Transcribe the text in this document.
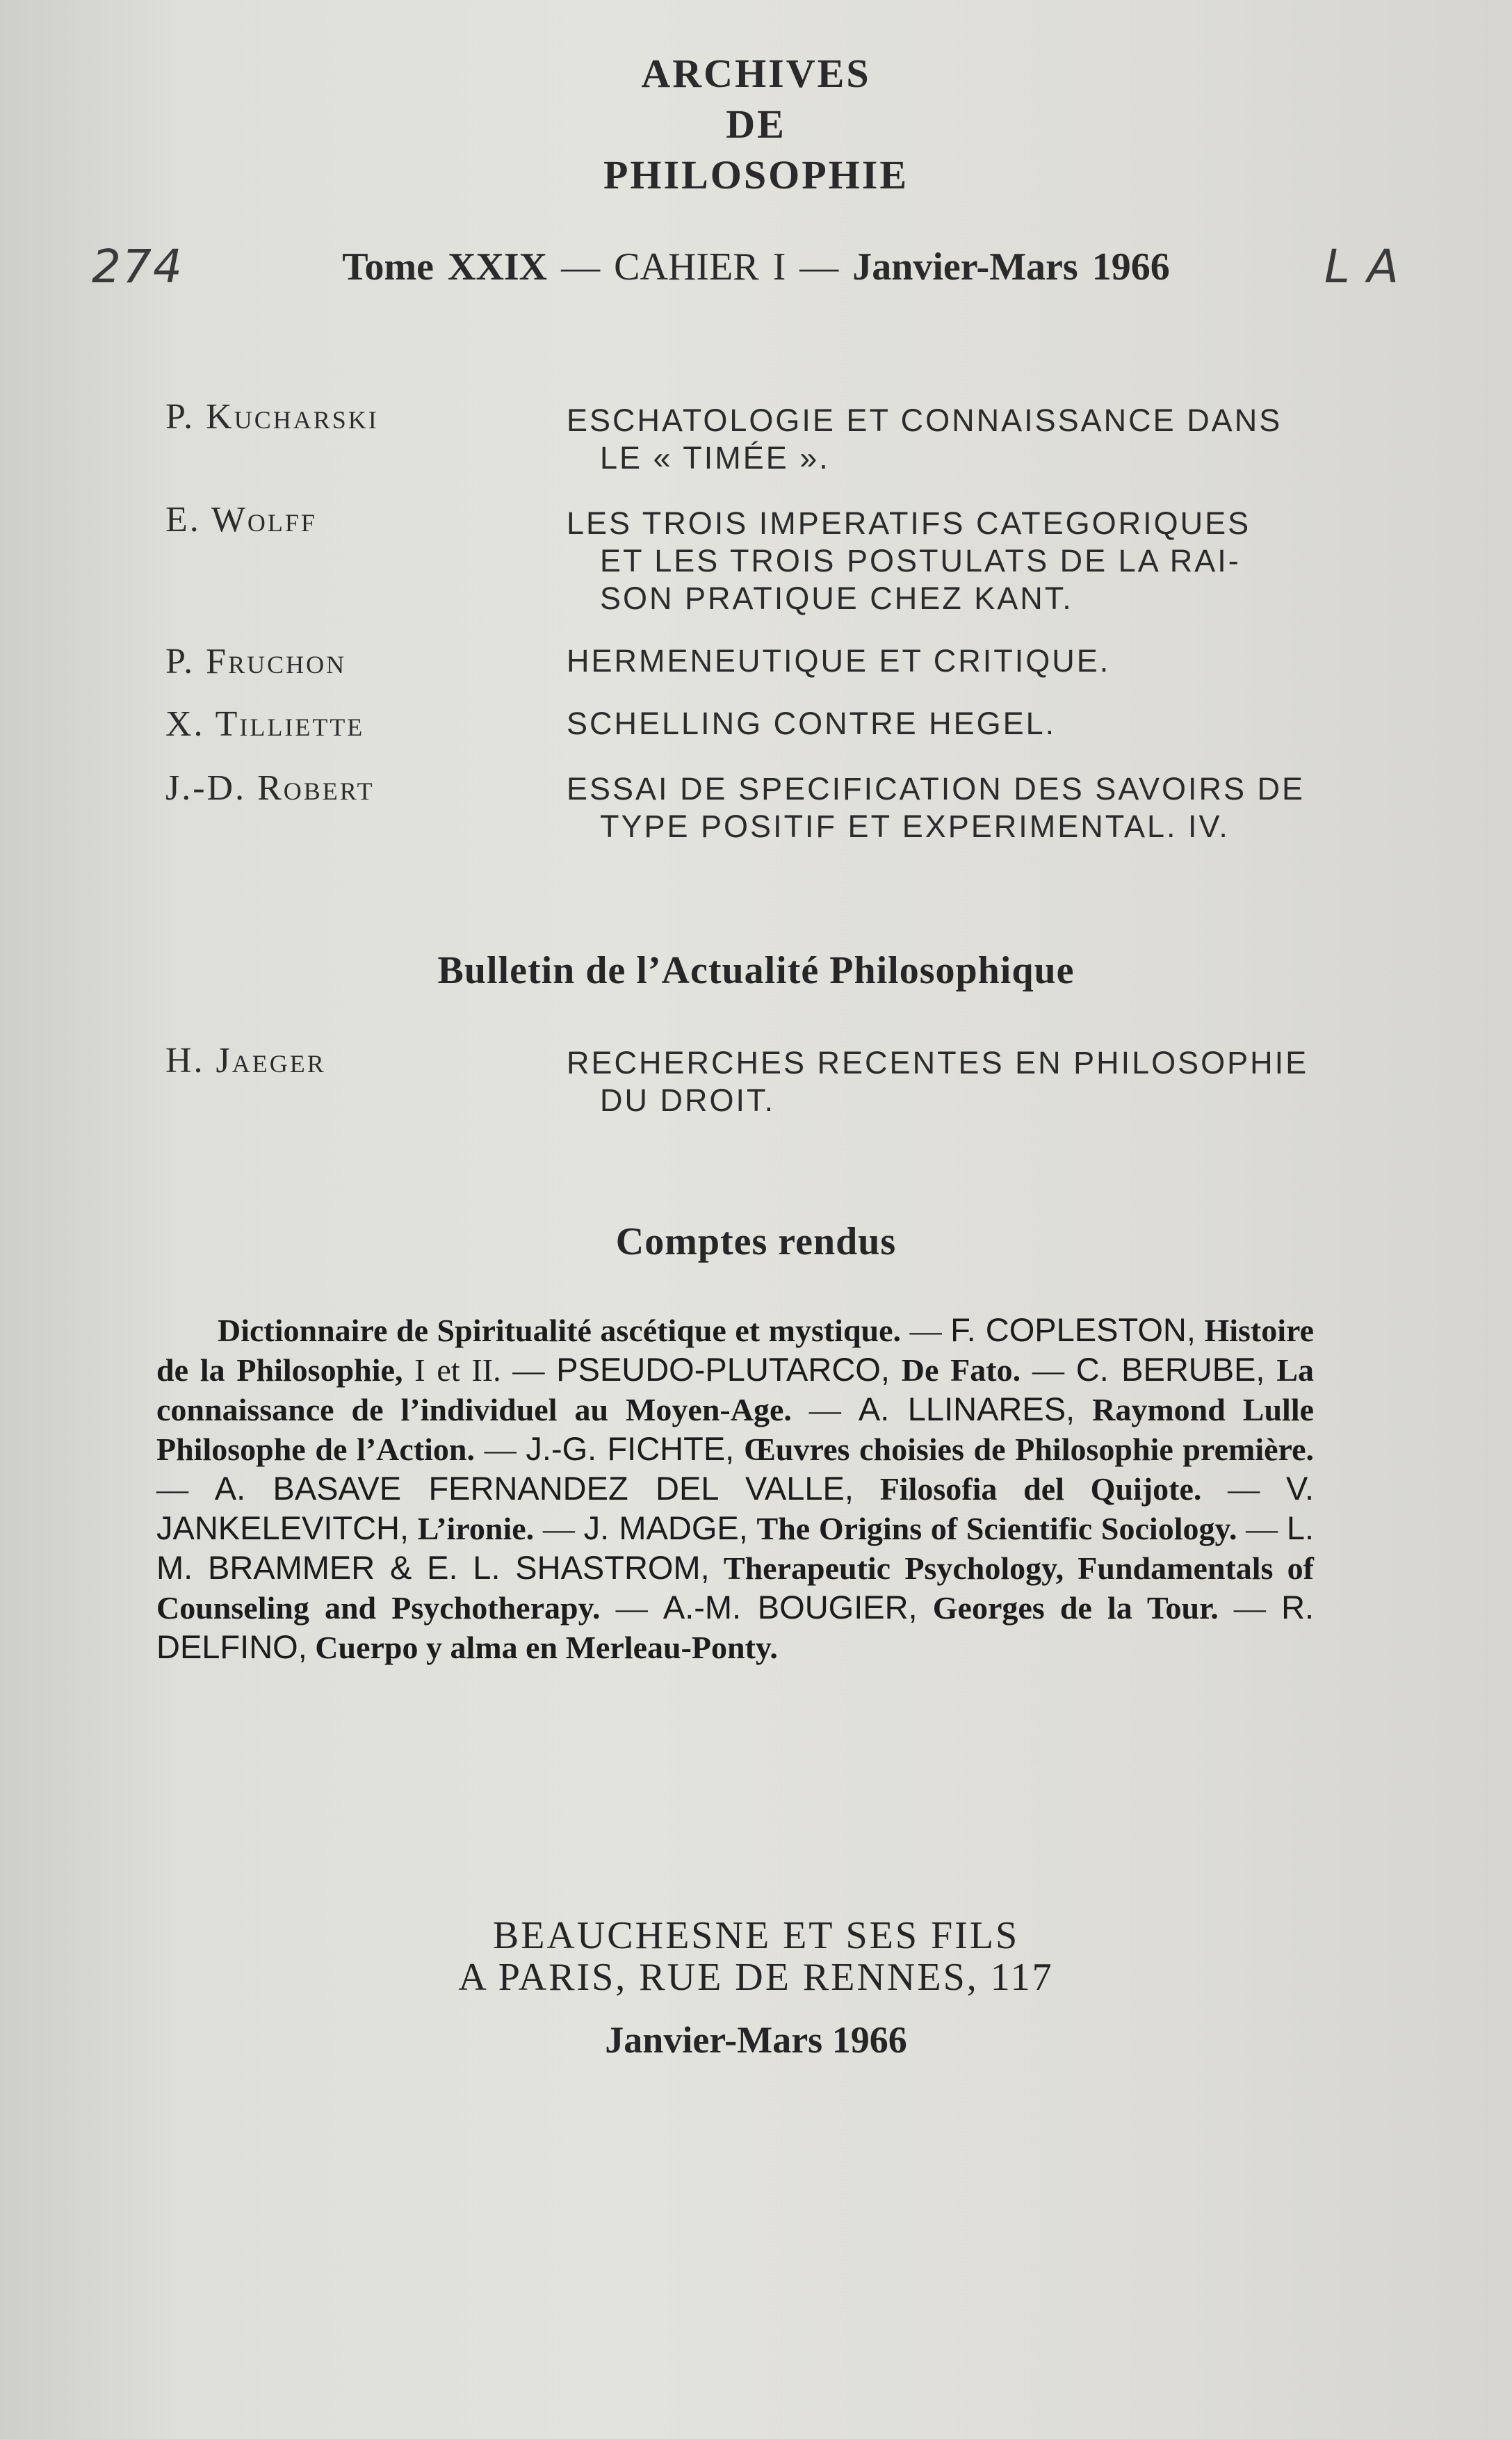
ARCHIVES
DE
PHILOSOPHIE
274	L A
Tome XXIX — CAHIER I — Janvier-Mars 1966
P. Kucharski	ESCHATOLOGIE ET CONNAISSANCE DANS
LE « TIMÉE ».
E. Wolff	LES TROIS IMPERATIFS CATEGORIQUES
ET LES TROIS POSTULATS DE LA RAI-
SON PRATIQUE CHEZ KANT.
P. Fruchon	HERMENEUTIQUE ET CRITIQUE.
X. Tilliette	SCHELLING CONTRE HEGEL.
J.-D. Robert	ESSAI DE SPECIFICATION DES SAVOIRS DE
TYPE POSITIF ET EXPERIMENTAL. IV.
Bulletin de l’Actualité Philosophique
H. Jaeger	RECHERCHES RECENTES EN PHILOSOPHIE
DU DROIT.
Comptes rendus

Dictionnaire de Spiritualité ascétique et mystique. — F. COPLESTON, Histoire de la Philosophie, I et II. — PSEUDO-PLUTARCO, De Fato. — C. BERUBE, La connaissance de l’individuel au Moyen-Age. — A. LLINARES, Raymond Lulle Philosophe de l’Action. — J.-G. FICHTE, Œuvres choisies de Philosophie première. — A. BASAVE FERNANDEZ DEL VALLE, Filosofia del Quijote. — V. JANKELEVITCH, L’ironie. — J. MADGE, The Origins of Scientific Sociology. — L. M. BRAMMER & E. L. SHASTROM, Therapeutic Psychology, Fundamentals of Counseling and Psychotherapy. — A.-M. BOUGIER, Georges de la Tour. — R. DELFINO, Cuerpo y alma en Merleau-Ponty.

BEAUCHESNE ET SES FILS
A PARIS, RUE DE RENNES, 117
Janvier-Mars 1966
